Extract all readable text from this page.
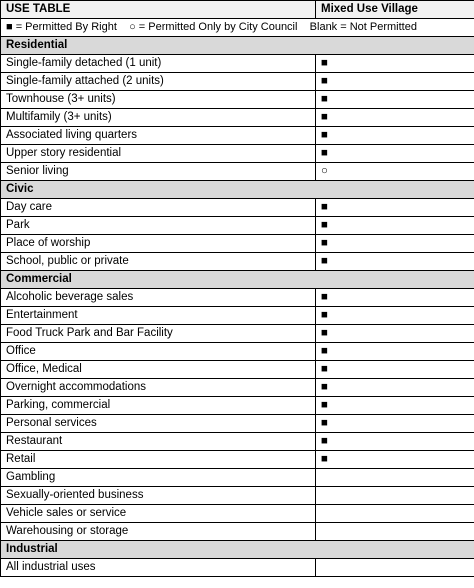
USE TABLE	Mixed Use Village
■ = Permitted By Right    ○ = Permitted Only by City Council    Blank = Not Permitted	
Residential	
Single-family detached (1 unit)	■
Single-family attached (2 units)	■
Townhouse (3+ units)	■
Multifamily (3+ units)	■
Associated living quarters	■
Upper story residential	■
Senior living	○
Civic	
Day care	■
Park	■
Place of worship	■
School, public or private	■
Commercial	
Alcoholic beverage sales	■
Entertainment	■
Food Truck Park and Bar Facility	■
Office	■
Office, Medical	■
Overnight accommodations	■
Parking, commercial	■
Personal services	■
Restaurant	■
Retail	■
Gambling	
Sexually-oriented business	
Vehicle sales or service	
Warehousing or storage	
Industrial	
All industrial uses	
